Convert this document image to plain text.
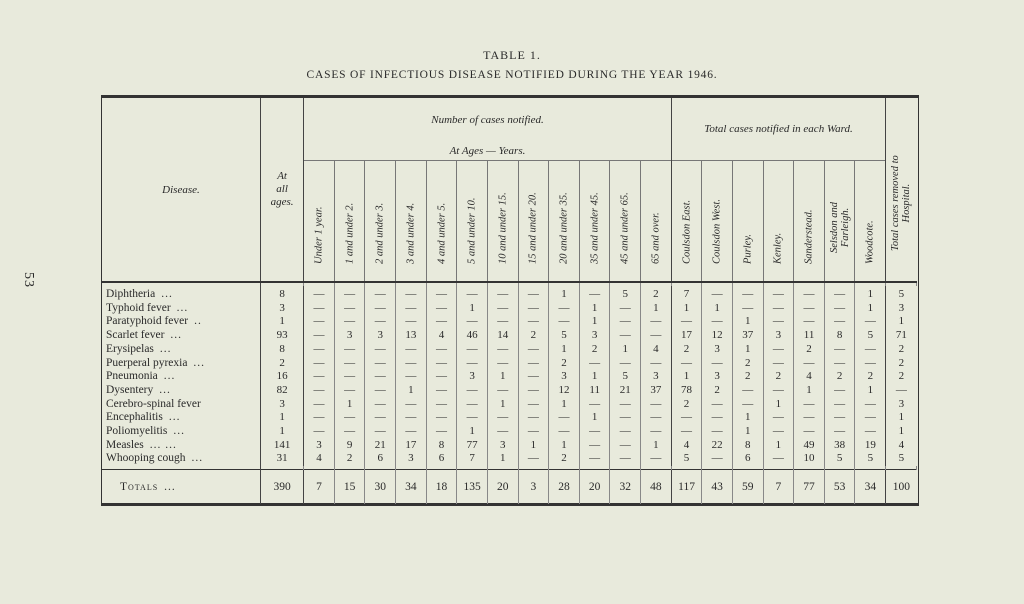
53
TABLE 1.
CASES OF INFECTIOUS DISEASE NOTIFIED DURING THE YEAR 1946.
Disease.	At
all
ages.	Number of cases notified.												Total cases notified in each Ward.							Total cases removed to
Hospital.

		At Ages — Years.																			

		Under 1 year.	1 and under 2.	2 and under 3.	3 and under 4.	4 and under 5.	5 and under 10.	10 and under 15.	15 and under 20.	20 and under 35.	35 and under 45.	45 and under 65.	65 and over.	Coulsdon East.	Coulsdon West.	Purley.	Kenley.	Sanderstead.	Selsdon and
Farleigh.	Woodcote.	

Diphtheria ...	8	—	—	—	—	—	—	—	—	1	—	5	2	7	—	—	—	—	—	1	5
Typhoid fever ...	3	—	—	—	—	—	1	—	—	—	1	—	1	1	1	—	—	—	—	1	3
Paratyphoid fever ..	1	—	—	—	—	—	—	—	—	—	1	—	—	—	—	1	—	—	—	—	1
Scarlet fever ...	93	—	3	3	13	4	46	14	2	5	3	—	—	17	12	37	3	11	8	5	71
Erysipelas ...	8	—	—	—	—	—	—	—	—	1	2	1	4	2	3	1	—	2	—	—	2
Puerperal pyrexia ...	2	—	—	—	—	—	—	—	—	2	—	—	—	—	—	2	—	—	—	—	2
Pneumonia ...	16	—	—	—	—	—	3	1	—	3	1	5	3	1	3	2	2	4	2	2	2
Dysentery ...	82	—	—	—	1	—	—	—	—	12	11	21	37	78	2	—	—	1	—	1	—
Cerebro-spinal fever	3	—	1	—	—	—	—	1	—	1	—	—	—	2	—	—	1	—	—	—	3
Encephalitis ...	1	—	—	—	—	—	—	—	—	—	1	—	—	—	—	1	—	—	—	—	1
Poliomyelitis ...	1	—	—	—	—	—	1	—	—	—	—	—	—	—	—	1	—	—	—	—	1
Measles ... ...	141	3	9	21	17	8	77	3	1	1	—	—	1	4	22	8	1	49	38	19	4
Whooping cough ...	31	4	2	6	3	6	7	1	—	2	—	—	—	5	—	6	—	10	5	5	5

Totals ...	390	7	15	30	34	18	135	20	3	28	20	32	48	117	43	59	7	77	53	34	100
